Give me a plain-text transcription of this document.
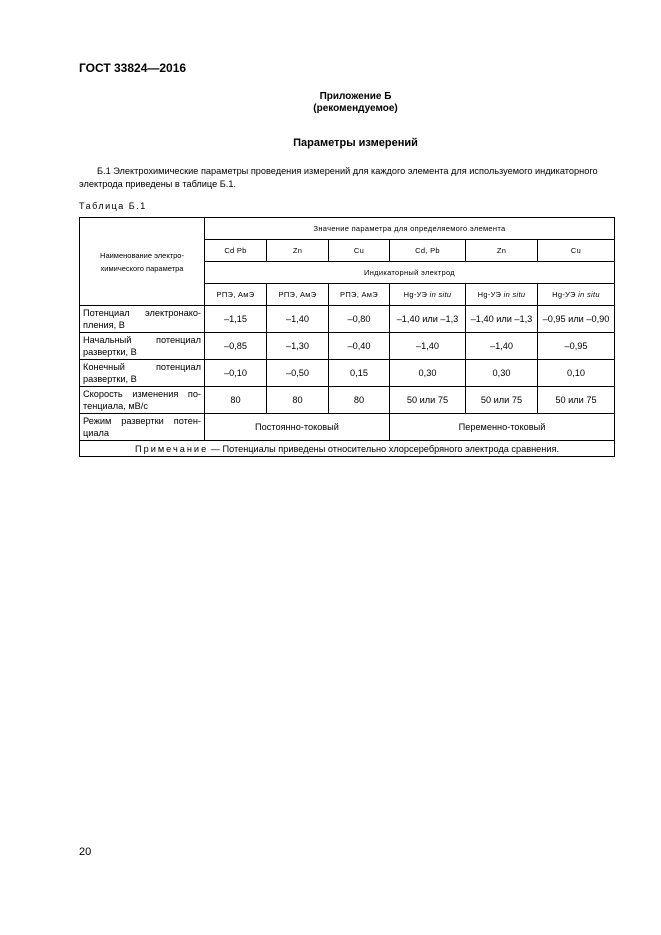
ГОСТ 33824—2016
Приложение Б
(рекомендуемое)
Параметры измерений
Б.1 Электрохимические параметры проведения измерений для каждого элемента для используемого индикаторного электрода приведены в таблице Б.1.
Таблица Б.1
Наименование электро-химического параметра	Значение параметра для определяемого элемента					
	Cd Pb	Zn	Cu	Cd, Pb	Zn	Cu
	Индикаторный электрод					
	РПЭ, АмЭ	РПЭ, АмЭ	РПЭ, АмЭ	Hg-УЭ in situ	Hg-УЭ in situ	Hg-УЭ in situ
Потенциал электронако-
пления, В	–1,15	–1,40	–0,80	–1,40 или –1,3	–1,40 или –1,3	–0,95 или –0,90
Начальный потенциал
развертки, В	–0,85	–1,30	–0,40	–1,40	–1,40	–0,95
Конечный потенциал
развертки, В	–0,10	–0,50	0,15	0,30	0,30	0,10
Скорость изменения по-
тенциала, мВ/с	80	80	80	50 или 75	50 или 75	50 или 75
Режим развертки потен-
циала	Постоянно-токовый			Переменно-токовый		
Примечание — Потенциалы приведены относительно хлорсеребряного электрода сравнения.						
20
